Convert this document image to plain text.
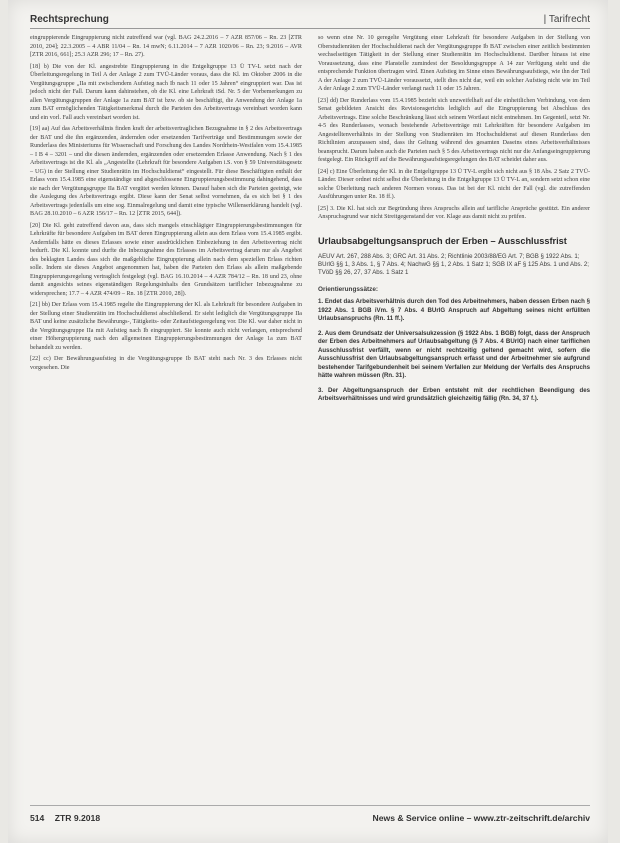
Rechtsprechung	| Tarifrecht

eingruppierende Eingruppierung nicht zutreffend war (vgl. BAG 24.2.2016 – 7 AZR 857/06 – Rn. 23 [ZTR 2010, 204]; 22.3.2005 – 4 ABR 11/04 – Rn. 14 mwN; 6.11.2014 – 7 AZR 1020/06 – Rn. 23; 9.2016 – AVR [ZTR 2016, 661]; 25.3 AZR 296; 17 – Rn. 27).

[18] b) Die von der Kl. angestrebte Eingruppierung in die Entgeltgruppe 13 Ü TV-L setzt nach der Überleitungsregelung in Teil A der Anlage 2 zum TVÜ-Länder voraus, dass die Kl. im Oktober 2006 in die Vergütungsgruppe „IIa mit zwischendem Aufstieg nach Ib nach 11 oder 15 Jahren“ eingruppiert war. Das ist jedoch nicht der Fall. Darum kann dahinstehen, ob die Kl. eine Lehrkraft iSd. Nr. 5 der Vorbemerkungen zu allen Vergütungsgruppen der Anlage 1a zum BAT ist bzw. ob sie beschäftigt, die Anwendung der Anlage 1a zum BAT ermöglichenden Tätigkeitsmerkmal durch die Parteien des Arbeitsvertrags vereinbart worden kann und ein vorl. Fall auch vereinbart worden ist.

[19] aa) Auf das Arbeitsverhältnis finden kraft der arbeitsvertraglichen Bezugnahme in § 2 des Arbeitsvertrags der BAT und die ihn ergänzenden, ändernden oder ersetzenden Tarifverträge und Bestimmungen sowie der Runderlass des Ministeriums für Wissenschaft und Forschung des Landes Nordrhein-Westfalen vom 15.4.1985 – I B 4 – 3201 – und die diesen ändernden, ergänzenden oder ersetzenden Erlasse Anwendung. Nach § 1 des Arbeitsvertrags ist die Kl. als „Angestellte (Lehrkraft für besondere Aufgaben i.S. von § 59 Universitätsgesetz – UG) in der Stellung einer Studienrätin im Hochschuldienst“ eingestellt. Für diese Beschäftigten enthält der Erlass vom 15.4.1985 eine eigenständige und abgeschlossene Eingruppierungsbestimmung dahingehend, dass sie nach der Vergütungsgruppe IIa BAT vergütet werden können. Darauf haben sich die Parteien geeinigt, wie die Auslegung des Arbeitsvertrags ergibt. Diese kann der Senat selbst vornehmen, da es sich bei § 1 des Arbeitsvertrags jedenfalls um eine sog. Einmalregelung und damit eine typische Willenserklärung handelt (vgl. BAG 28.10.2010 – 6 AZR 156/17 – Rn. 12 [ZTR 2015, 644]).

[20] Die Kl. geht zutreffend davon aus, dass sich mangels einschlägiger Eingruppierungsbestimmungen für Lehrkräfte für besondere Aufgaben im BAT deren Eingruppierung allein aus dem Erlass vom 15.4.1985 ergibt. Andernfalls hätte es dieses Erlasses sowie einer ausdrücklichen Einbeziehung in den Arbeitsvertrag nicht bedurft. Die Kl. konnte und durfte die Inbezugnahme des Erlasses im Arbeitsvertrag darum nur als Angebot des beklagten Landes dass sich die maßgebliche Eingruppierung allein nach dem speziellen Erlass richten solle. Indem sie dieses Angebot angenommen hat, haben die Parteien den Erlass als allein maßgebende Eingruppierungsregelung vertraglich festgelegt (vgl. BAG 16.10.2014 – 4 AZR 784/12 – Rn. 18 und 23, ohne damit angesichts seines eigenständigen Regelungsinhalts den Grundsätzen tariflicher Inbezugnahme zu widersprechen; 17.7 – 4 AZR 474/09 – Rn. 18 [ZTR 2010, 28]).

[21] bb) Der Erlass vom 15.4.1985 regelte die Eingruppierung der Kl. als Lehrkraft für besondere Aufgaben in der Stellung einer Studienrätin im Hochschuldienst abschließend. Er sieht lediglich die Vergütungsgruppe IIa BAT und keine zusätzliche Bewährungs-, Tätigkeits- oder Zeitaufstiegsregelung vor. Die Kl. war daher nicht in die Vergütungsgruppe IIa mit Aufstieg nach Ib eingruppiert. Sie konnte auch nicht verlangen, entsprechend einer Höhergruppierung nach den allgemeinen Eingruppierungsbestimmungen der Anlage 1a zum BAT behandelt zu werden.

[22] cc) Der Bewährungsaufstieg in die Vergütungsgruppe Ib BAT steht nach Nr. 3 des Erlasses nicht vorgesehen. Die

so wenn eine Nr. 10 geregelte Vergütung einer Lehrkraft für besondere Aufgaben in der Stellung von Oberstudienräten der Hochschuldienst nach der Vergütungsgruppe Ib BAT zwischen einer zeitlich bestimmten wechselseitigen Tätigkeit in der Stellung einer Studienrätin im Hochschuldienst. Darüber hinaus ist eine Voraussetzung, dass eine Planstelle zumindest der Besoldungsgruppe A 14 zur Verfügung steht und die entsprechende Funktion übertragen wird. Einen Aufstieg im Sinne eines Bewährungsaufstiegs, wie ihn der Teil A der Anlage 2 zum TVÜ-Länder voraussetzt, stellt dies nicht dar, weil ein solcher Aufstieg nicht wie im Teil A der Anlage 2 zum TVÜ-Länder verlangt nach 11 oder 15 Jahren.

[23] dd) Der Runderlass vom 15.4.1985 bezieht sich unzweifelhaft auf die einheitlichen Verbindung, von dem Senat gebildeten Ansicht des Revisionsgerichts lediglich auf die Eingruppierung bei Abschluss des Arbeitsvertrags. Eine solche Beschränkung lässt sich seinem Wortlaut nicht entnehmen. Im Gegenteil, setzt Nr. 4-5 des Runderlasses, wonach bestehende Arbeitsverträge mit Lehrkräften für besondere Aufgaben im Angestelltenverhältnis in der Stellung von Studienräten im Hochschuldienst auf diesen Runderlass den Richtlinien anzupassen sind, dass ihr Geltung während des gesamten Daseins eines Arbeitsverhältnisses beansprucht. Darum haben auch die Parteien nach § 5 des Arbeitsvertrags nicht nur die Anfangseingruppierung festgelegt. Ein Rückgriff auf die Bewährungsaufstiegsregelungen des BAT scheidet daher aus.

[24] c) Eine Überleitung der Kl. in die Entgeltgruppe 13 Ü TV-L ergibt sich nicht aus § 18 Abs. 2 Satz 2 TVÜ-Länder. Dieser ordnet nicht selbst die Überleitung in die Entgeltgruppe 13 Ü TV-L an, sondern setzt schon eine solche Überleitung nach anderen Normen voraus. Das ist bei der Kl. nicht der Fall (vgl. die zutreffenden Ausführungen unter Rn. 18 ff.).

[25] 3. Die Kl. hat sich zur Begründung ihres Anspruchs allein auf tarifliche Ansprüche gestützt. Ein anderer Anspruchsgrund war nicht Streitgegenstand der vor. Klage aus damit nicht zu prüfen.

Urlaubsabgeltungsanspruch der Erben – Ausschlussfrist
AEUV Art. 267, 288 Abs. 3; GRC Art. 31 Abs. 2; Richtlinie 2003/88/EG Art. 7; BGB § 1922 Abs. 1; BUrlG §§ 1, 3 Abs. 1, § 7 Abs. 4; NachwG §§ 1, 2 Abs. 1 Satz 1; SGB IX aF § 125 Abs. 1 und Abs. 2; TVöD §§ 26, 27, 37 Abs. 1 Satz 1
Orientierungssätze:
1. Endet das Arbeitsverhältnis durch den Tod des Arbeitnehmers, haben dessen Erben nach § 1922 Abs. 1 BGB iVm. § 7 Abs. 4 BUrlG Anspruch auf Abgeltung seines nicht erfüllten Urlaubsanspruchs (Rn. 11 ff.).
2. Aus dem Grundsatz der Universalsukzession (§ 1922 Abs. 1 BGB) folgt, dass der Anspruch der Erben des Arbeitnehmers auf Urlaubsabgeltung (§ 7 Abs. 4 BUrlG) nach einer tariflichen Ausschlussfrist verfällt, wenn er nicht rechtzeitig geltend gemacht wird, sofern die Ausschlussfrist den Urlaubsabgeltungsanspruch erfasst und der Arbeitnehmer sie aufgrund bestehender Tarifgebundenheit bei seinem Verfallen zur Meldung der Verfalls des Anspruchs hätte wahren müssen (Rn. 31).
3. Der Abgeltungsanspruch der Erben entsteht mit der rechtlichen Beendigung des Arbeitsverhältnisses und wird grundsätzlich gleichzeitig fällig (Rn. 34, 37 f.).
514 ZTR 9.2018	News & Service online – www.ztr-zeitschrift.de/archiv
